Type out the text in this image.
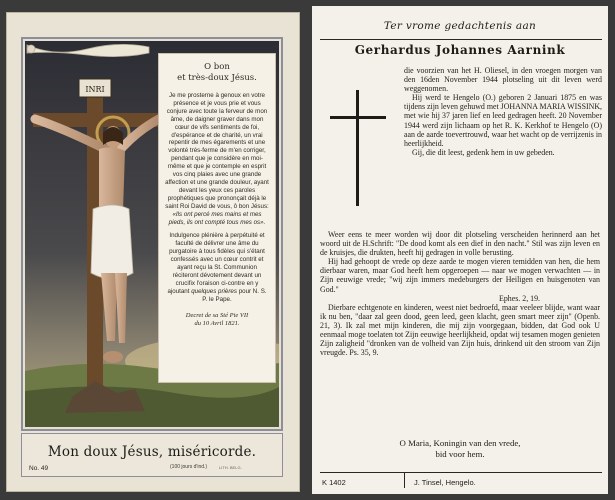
INRI
O bon
et très-doux Jésus.
Je me prosterne à genoux en votre présence et je vous prie et vous conjure avec toute la ferveur de mon âme, de daigner graver dans mon cœur de vifs sentiments de foi, d'espérance et de charité, un vrai repentir de mes égarements et une volonté très-ferme de m'en corriger, pendant que je considère en moi-même et que je contemple en esprit vos cinq plaies avec une grande affection et une grande douleur, ayant devant les yeux ces paroles prophétiques que prononçait déjà le saint Roi David de vous, ô bon Jésus: «Ils ont percé mes mains et mes pieds, ils ont compté tous mes os».
Indulgence plénière à perpétuité et faculté de délivrer une âme du purgatoire à tous fidèles qui s'étant confessés avec un cœur contrit et ayant reçu la St. Communion réciteront dévotement devant un crucifix l'oraison ci-contre en y ajoutant quelques prières pour N. S. P. le Pape.
Decret de sa Sté Pie VII
du 10 Avril 1821.
Mon doux Jésus, miséricorde.
(100 jours d'ind.)
No. 49	LITH. BELG.
Ter vrome gedachtenis aan
Gerhardus Johannes Aarnink

die voorzien van het H. Oliesel, in den vroegen morgen van den 16den November 1944 plotseling uit dit leven werd weggenomen.

Hij werd te Hengelo (O.) geboren 2 Januari 1875 en was tijdens zijn leven gehuwd met JOHANNA MARIA WISSINK, met wie hij 37 jaren lief en leed gedragen heeft. 20 November 1944 werd zijn lichaam op het R. K. Kerkhof te Hengelo (O) aan de aarde toevertrouwd, waar het wacht op de verrijzenis in heerlijkheid.

Gij, die dit leest, gedenk hem in uw gebeden.

Weer eens te meer worden wij door dit plotseling verscheiden herinnerd aan het woord uit de H.Schrift: "De dood komt als een dief in den nacht." Stil was zijn leven en de kruisjes, die drukten, heeft hij gedragen in volle berusting.

Hij had gehoopt de vrede op deze aarde te mogen vieren temidden van hen, die hem dierbaar waren, maar God heeft hem opgeroepen — naar we mogen verwachten — in Zijn eeuwige vrede; "wij zijn immers medeburgers der Heiligen en huisgenoten van God."

Ephes. 2, 19.

Dierbare echtgenote en kinderen, weest niet bedroefd, maar veeleer blijde, want waar ik nu ben, "daar zal geen dood, geen leed, geen klacht, geen smart meer zijn" (Openb. 21, 3). Ik zal met mijn kinderen, die mij zijn voorgegaan, bidden, dat God ook U eenmaal moge toelaten tot Zijn eeuwige heerlijkheid, opdat wij tesamen mogen genieten Zijn zaligheid "dronken van de volheid van Zijn huis, drinkend uit den stroom van Zijn vreugde. Ps. 35, 9.

O Maria, Koningin van den vrede,
bid voor hem.
K 1402	J. Tinsel, Hengelo.
